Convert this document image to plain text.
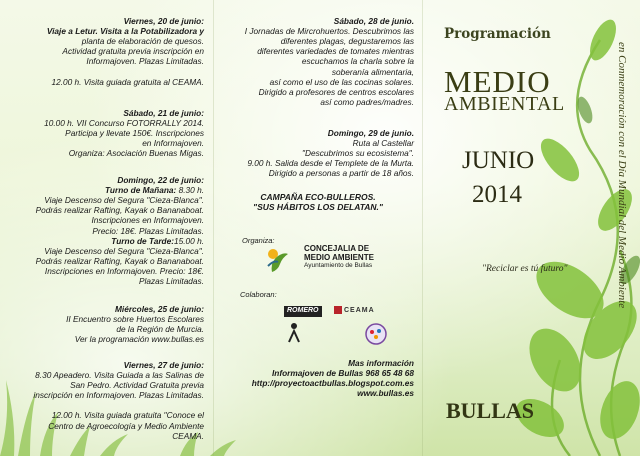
Viernes, 20 de junio:

Viaje a Letur. Visita a la Potabilizadora y

planta de elaboración de quesos.

Actividad gratuita previa inscripción en

Informajoven. Plazas Limitadas.

12.00 h. Visita guiada gratuita al CEAMA.

Sábado, 21 de junio:

10.00 h. VII Concurso FOTORRALLY 2014.

Participa y llevate 150€. Inscripciones

en Informajoven.

Organiza: Asociación Buenas Migas.

Domingo, 22 de junio:

Turno de Mañana: 8.30 h.

Viaje Descenso del Segura "Cieza-Blanca".

Podrás realizar Rafting, Kayak o Bananaboat.

Inscripciones en Informajoven.

Precio: 18€. Plazas Limitadas.

Turno de Tarde:15.00 h.

Viaje Descenso del Segura "Cieza-Blanca".

Podrás realizar Rafting, Kayak o Bananaboat.

Inscripciones en Informajoven. Precio: 18€.

Plazas Limitadas.

Miércoles, 25 de junio:

II Encuentro sobre Huertos Escolares

de la Región de Murcia.

Ver la programación www.bullas.es

Viernes, 27 de junio:

8.30 Apeadero. Visita Guiada a las Salinas de

San Pedro. Actividad Gratuita previa

inscripción en Informajoven. Plazas Limitadas.

12.00 h. Visita guiada gratuita "Conoce el

Centro de Agroecología y Medio Ambiente

CEAMA.

Sábado, 28 de junio.

I Jornadas de Mircrohuertos. Descubrimos las

diferentes plagas, degustaremos las

diferentes variedades de tomates mientras

escuchamos la charla sobre la

soberanía alimentaria,

así como el uso de las cocinas solares.

Dirigido a profesores de centros escolares

así como padres/madres.

Domingo, 29 de junio.

Ruta al Castellar

"Descubrimos su ecosistema".

9.00 h. Salida desde el Templete de la Murta.

Dirigido a personas a partir de 18 años.

CAMPAÑA ECO-BULLEROS.

"SUS HÁBITOS LOS DELATAN."

Organiza:
CONCEJALIA DE
MEDIO AMBIENTE
Ayuntamiento de Bullas
Colaboran:
ROMERO	CEAMA

Mas información

Informajoven de Bullas 968 65 48 68

http://proyectoactbullas.blogspot.com.es

www.bullas.es

Programación
MEDIO
AMBIENTAL
JUNIO
2014
"Reciclar es tú futuro"
BULLAS
en Conmemoración con el Día Mundial del Medio Ambiente
